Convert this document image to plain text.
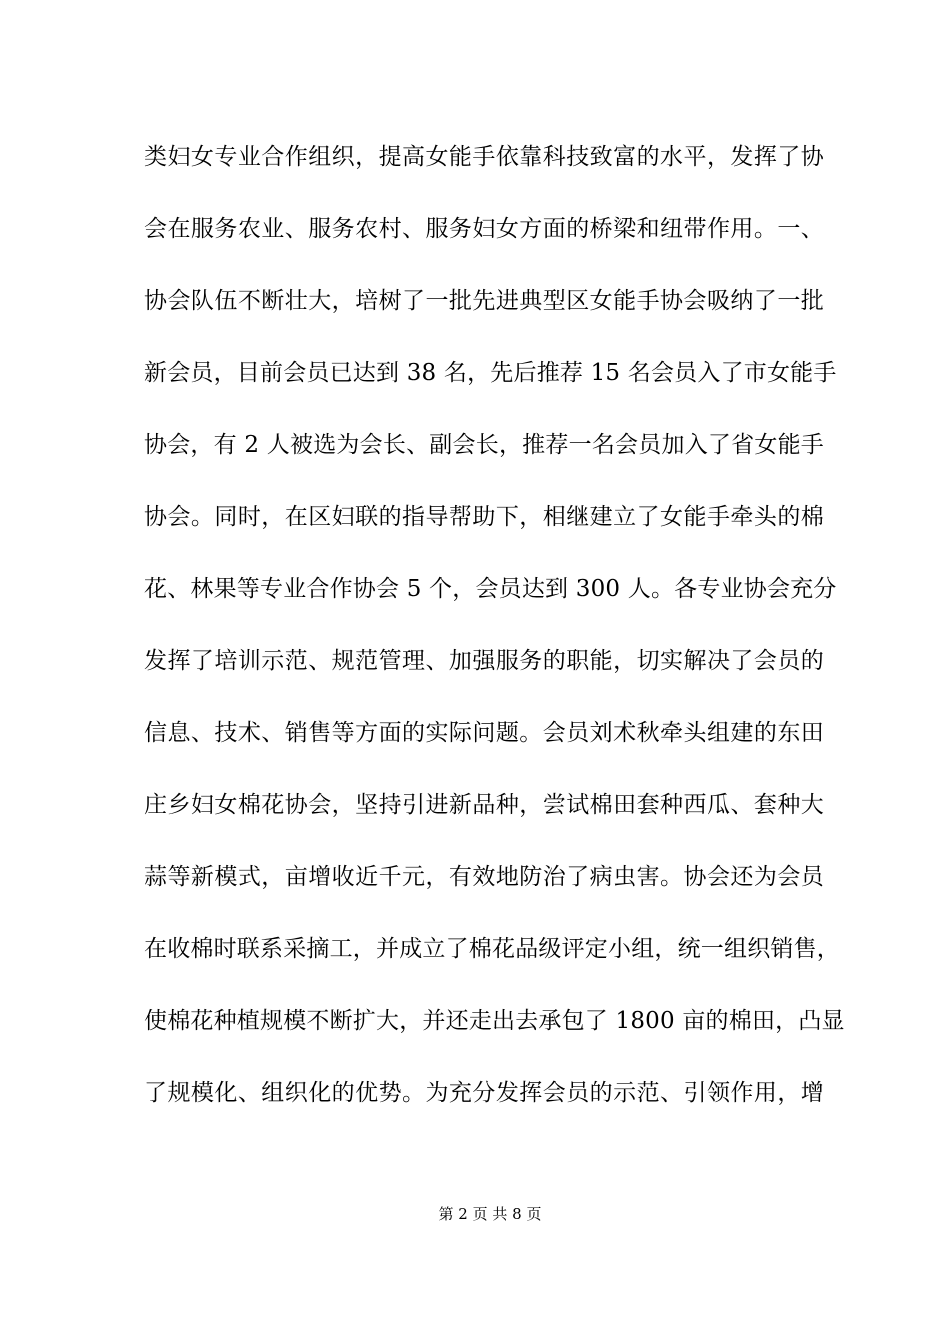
类妇女专业合作组织，提高女能手依靠科技致富的水平，发挥了协
会在服务农业、服务农村、服务妇女方面的桥梁和纽带作用。一、
协会队伍不断壮大，培树了一批先进典型区女能手协会吸纳了一批
新会员，目前会员已达到 38 名，先后推荐 15 名会员入了市女能手
协会，有 2 人被选为会长、副会长，推荐一名会员加入了省女能手
协会。同时，在区妇联的指导帮助下，相继建立了女能手牵头的棉
花、林果等专业合作协会 5 个，会员达到 300 人。各专业协会充分
发挥了培训示范、规范管理、加强服务的职能，切实解决了会员的
信息、技术、销售等方面的实际问题。会员刘术秋牵头组建的东田
庄乡妇女棉花协会，坚持引进新品种，尝试棉田套种西瓜、套种大
蒜等新模式，亩增收近千元，有效地防治了病虫害。协会还为会员
在收棉时联系采摘工，并成立了棉花品级评定小组，统一组织销售，
使棉花种植规模不断扩大，并还走出去承包了 1800 亩的棉田，凸显
了规模化、组织化的优势。为充分发挥会员的示范、引领作用，增
第 2 页 共 8 页
